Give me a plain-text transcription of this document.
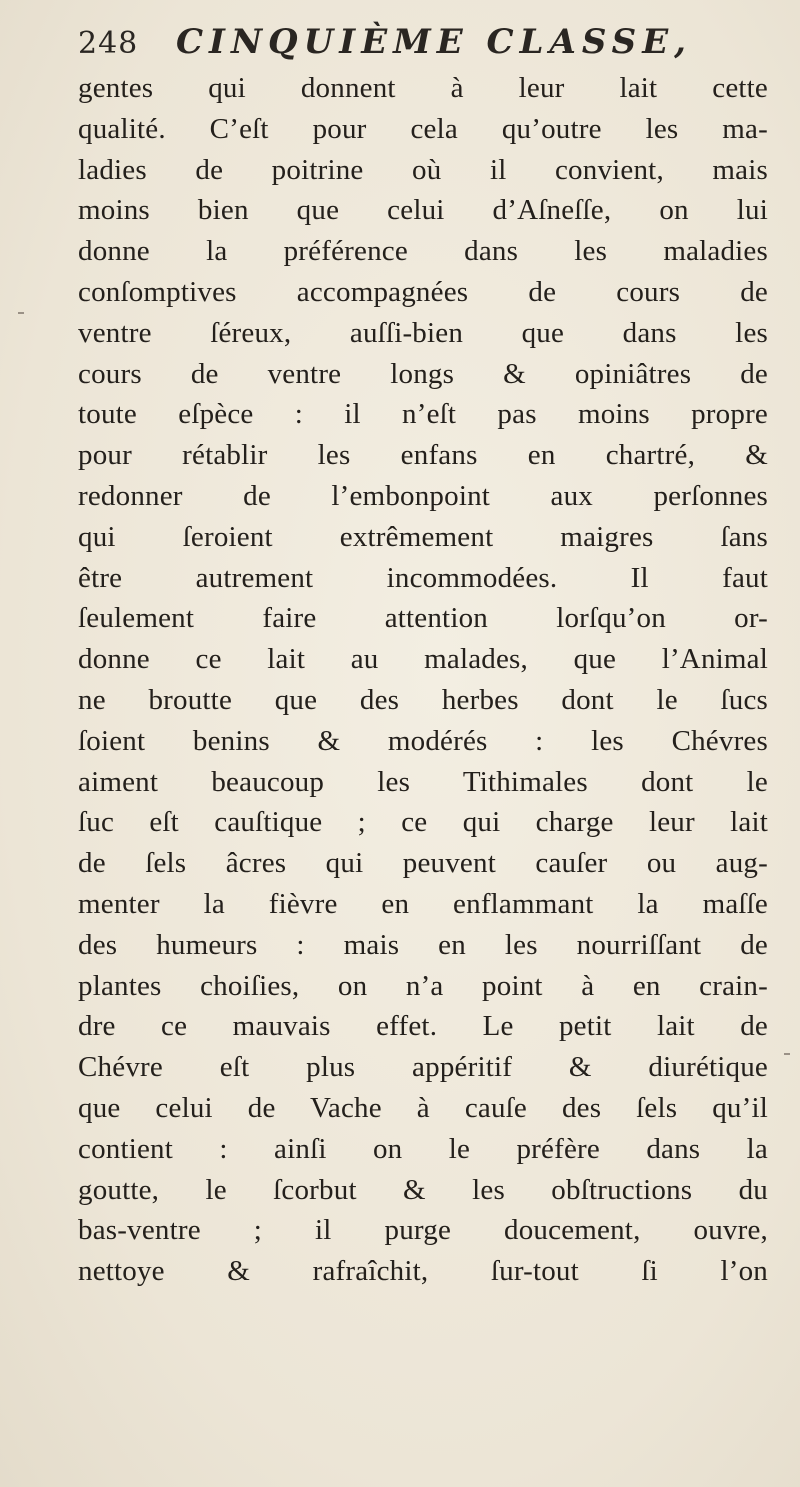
248 CINQUIÈME CLASSE,
gentes qui donnent à leur lait cette
qualité. C’eſt pour cela qu’outre les ma-
ladies de poitrine où il convient, mais
moins bien que celui d’Aſneſſe, on lui
donne la préférence dans les maladies
conſomptives accompagnées de cours de
ventre ſéreux, auſſi-bien que dans les
cours de ventre longs & opiniâtres de
toute eſpèce : il n’eſt pas moins propre
pour rétablir les enfans en chartré, &
redonner de l’embonpoint aux perſonnes
qui ſeroient extrêmement maigres ſans
être autrement incommodées. Il faut
ſeulement faire attention lorſqu’on or-
donne ce lait au malades, que l’Animal
ne broutte que des herbes dont le ſucs
ſoient benins & modérés : les Chévres
aiment beaucoup les Tithimales dont le
ſuc eſt cauſtique ; ce qui charge leur lait
de ſels âcres qui peuvent cauſer ou aug-
menter la fièvre en enflammant la maſſe
des humeurs : mais en les nourriſſant de
plantes choiſies, on n’a point à en crain-
dre ce mauvais effet. Le petit lait de
Chévre eſt plus appéritif & diurétique
que celui de Vache à cauſe des ſels qu’il
contient : ainſi on le préfère dans la
goutte, le ſcorbut & les obſtructions du
bas-ventre ; il purge doucement, ouvre,
nettoye & rafraîchit, ſur-tout ſi l’on
